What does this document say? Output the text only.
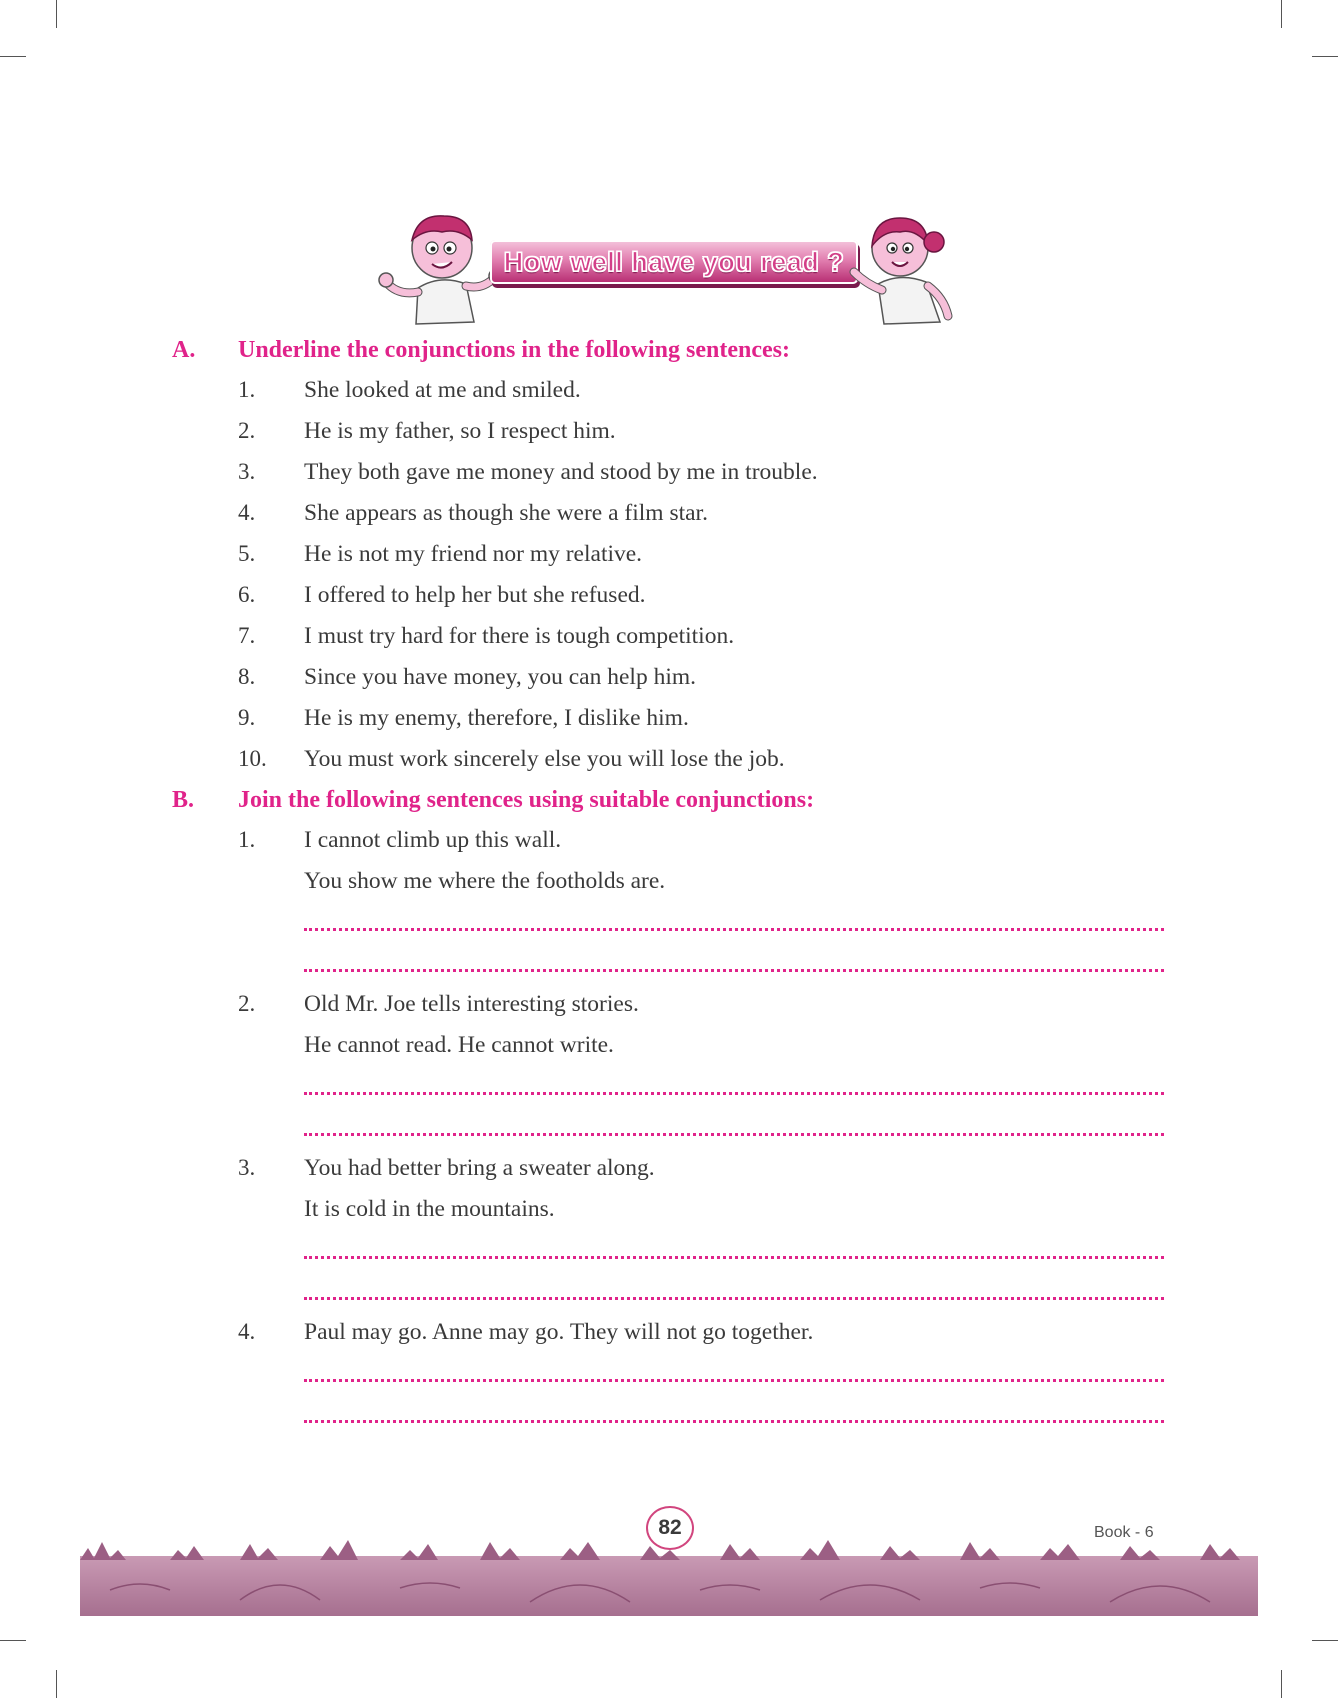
How well have you read ?
A. Underline the conjunctions in the following sentences:
1. She looked at me and smiled.
2. He is my father, so I respect him.
3. They both gave me money and stood by me in trouble.
4. She appears as though she were a film star.
5. He is not my friend nor my relative.
6. I offered to help her but she refused.
7. I must try hard for there is tough competition.
8. Since you have money, you can help him.
9. He is my enemy, therefore, I dislike him.
10. You must work sincerely else you will lose the job.
B. Join the following sentences using suitable conjunctions:
1. I cannot climb up this wall.
You show me where the footholds are.
2. Old Mr. Joe tells interesting stories.
He cannot read. He cannot write.
3. You had better bring a sweater along.
It is cold in the mountains.
4. Paul may go. Anne may go. They will not go together.
82	Book - 6
